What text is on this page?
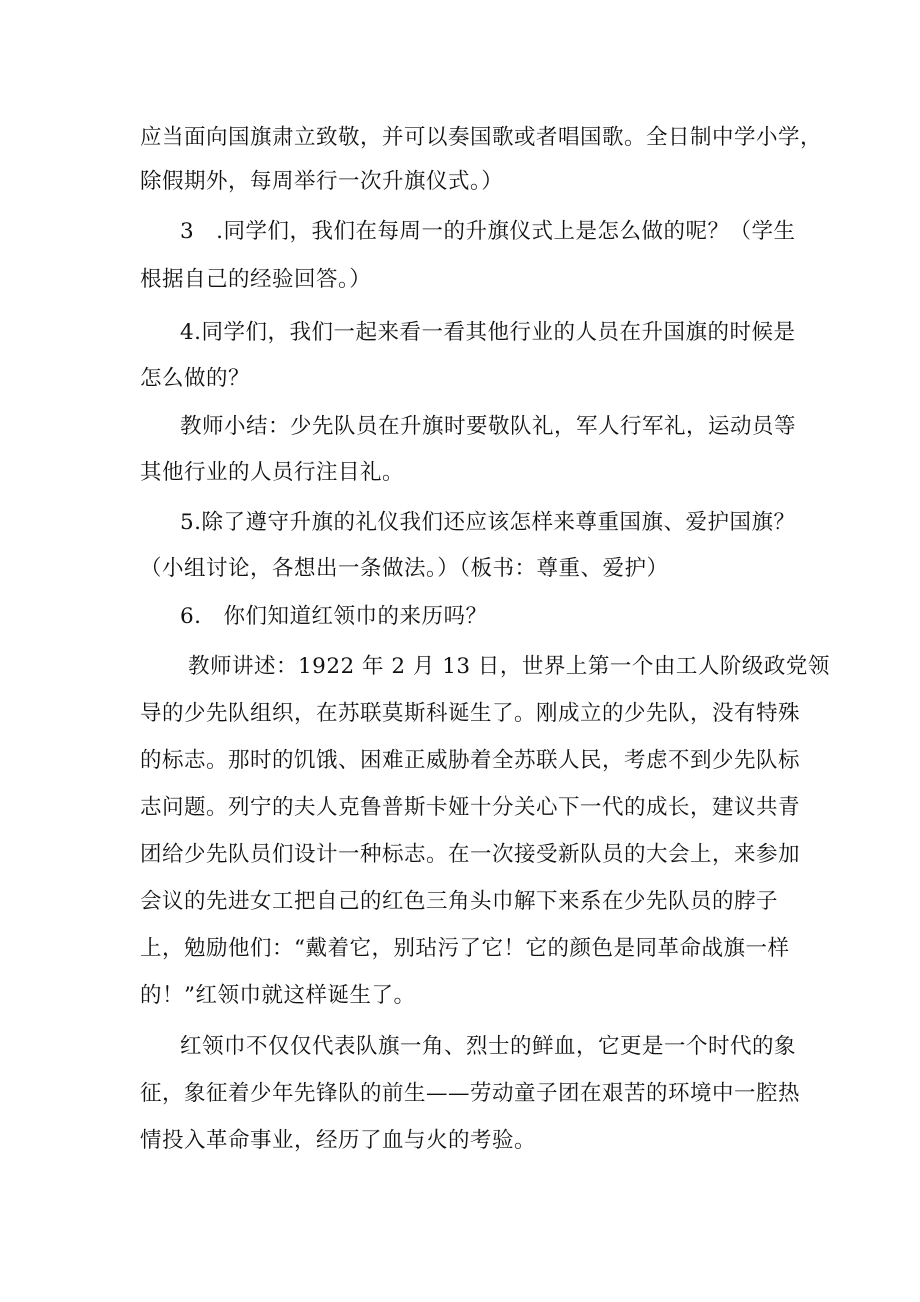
应当面向国旗肃立致敬，并可以奏国歌或者唱国歌。全日制中学小学，
除假期外，每周举行一次升旗仪式。）
3　.同学们，我们在每周一的升旗仪式上是怎么做的呢？（学生
根据自己的经验回答。）
4.同学们，我们一起来看一看其他行业的人员在升国旗的时候是
怎么做的？
教师小结：少先队员在升旗时要敬队礼，军人行军礼，运动员等
其他行业的人员行注目礼。
5.除了遵守升旗的礼仪我们还应该怎样来尊重国旗、爱护国旗？
（小组讨论，各想出一条做法。）（板书：尊重、爱护）
6.　你们知道红领巾的来历吗？
教师讲述：1922 年 2 月 13 日，世界上第一个由工人阶级政党领
导的少先队组织，在苏联莫斯科诞生了。刚成立的少先队，没有特殊
的标志。那时的饥饿、困难正威胁着全苏联人民，考虑不到少先队标
志问题。列宁的夫人克鲁普斯卡娅十分关心下一代的成长，建议共青
团给少先队员们设计一种标志。在一次接受新队员的大会上，来参加
会议的先进女工把自己的红色三角头巾解下来系在少先队员的脖子
上，勉励他们：“戴着它，别玷污了它！它的颜色是同革命战旗一样
的！”红领巾就这样诞生了。
红领巾不仅仅代表队旗一角、烈士的鲜血，它更是一个时代的象
征，象征着少年先锋队的前生——劳动童子团在艰苦的环境中一腔热
情投入革命事业，经历了血与火的考验。
